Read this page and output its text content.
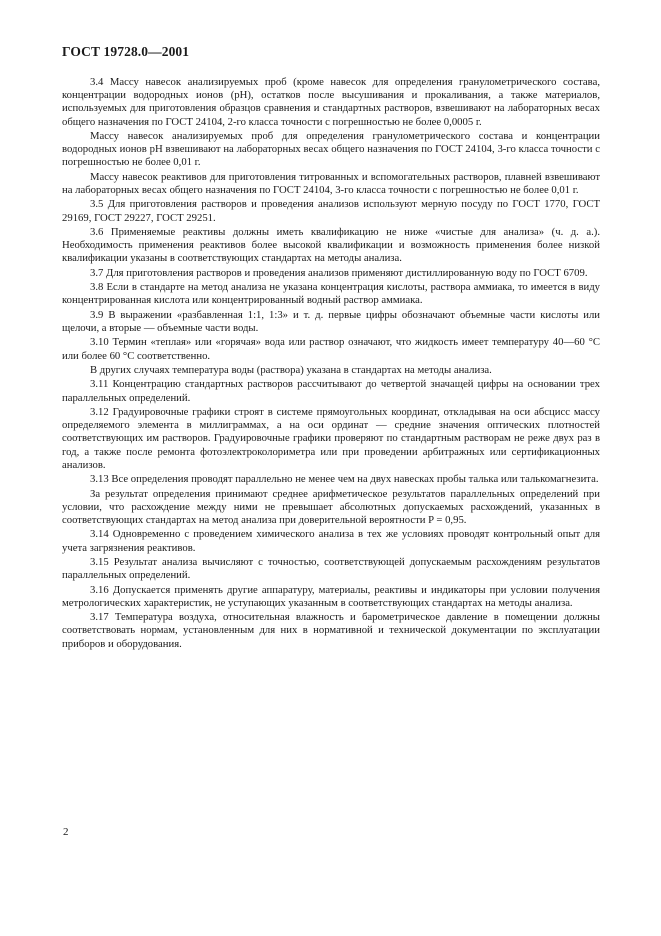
ГОСТ 19728.0—2001

3.4 Массу навесок анализируемых проб (кроме навесок для определения гранулометрического состава, концентрации водородных ионов (pH), остатков после высушивания и прокаливания, а также материалов, используемых для приготовления образцов сравнения и стандартных растворов, взвешивают на лабораторных весах общего назначения по ГОСТ 24104, 2-го класса точности с погрешностью не более 0,0005 г.

Массу навесок анализируемых проб для определения гранулометрического состава и концентрации водородных ионов pH взвешивают на лабораторных весах общего назначения по ГОСТ 24104, 3-го класса точности с погрешностью не более 0,01 г.

Массу навесок реактивов для приготовления титрованных и вспомогательных растворов, плавней взвешивают на лабораторных весах общего назначения по ГОСТ 24104, 3-го класса точности с погрешностью не более 0,01 г.

3.5 Для приготовления растворов и проведения анализов используют мерную посуду по ГОСТ 1770, ГОСТ 29169, ГОСТ 29227, ГОСТ 29251.

3.6 Применяемые реактивы должны иметь квалификацию не ниже «чистые для анализа» (ч. д. а.). Необходимость применения реактивов более высокой квалификации и возможность применения более низкой квалификации указаны в соответствующих стандартах на методы анализа.

3.7 Для приготовления растворов и проведения анализов применяют дистиллированную воду по ГОСТ 6709.

3.8 Если в стандарте на метод анализа не указана концентрация кислоты, раствора аммиака, то имеется в виду концентрированная кислота или концентрированный водный раствор аммиака.

3.9 В выражении «разбавленная 1:1, 1:3» и т. д. первые цифры обозначают объемные части кислоты или щелочи, а вторые — объемные части воды.

3.10 Термин «теплая» или «горячая» вода или раствор означают, что жидкость имеет температуру 40—60 °С или более 60 °С соответственно.

В других случаях температура воды (раствора) указана в стандартах на методы анализа.

3.11 Концентрацию стандартных растворов рассчитывают до четвертой значащей цифры на основании трех параллельных определений.

3.12 Градуировочные графики строят в системе прямоугольных координат, откладывая на оси абсцисс массу определяемого элемента в миллиграммах, а на оси ординат — средние значения оптических плотностей соответствующих им растворов. Градуировочные графики проверяют по стандартным растворам не реже двух раз в год, а также после ремонта фотоэлектроколориметра или при проведении арбитражных или сертификационных анализов.

3.13 Все определения проводят параллельно не менее чем на двух навесках пробы талька или талькомагнезита.

За результат определения принимают среднее арифметическое результатов параллельных определений при условии, что расхождение между ними не превышает абсолютных допускаемых расхождений, указанных в соответствующих стандартах на метод анализа при доверительной вероятности P = 0,95.

3.14 Одновременно с проведением химического анализа в тех же условиях проводят контрольный опыт для учета загрязнения реактивов.

3.15 Результат анализа вычисляют с точностью, соответствующей допускаемым расхождениям результатов параллельных определений.

3.16 Допускается применять другие аппаратуру, материалы, реактивы и индикаторы при условии получения метрологических характеристик, не уступающих указанным в соответствующих стандартах на методы анализа.

3.17 Температура воздуха, относительная влажность и барометрическое давление в помещении должны соответствовать нормам, установленным для них в нормативной и технической документации по эксплуатации приборов и оборудования.

2
